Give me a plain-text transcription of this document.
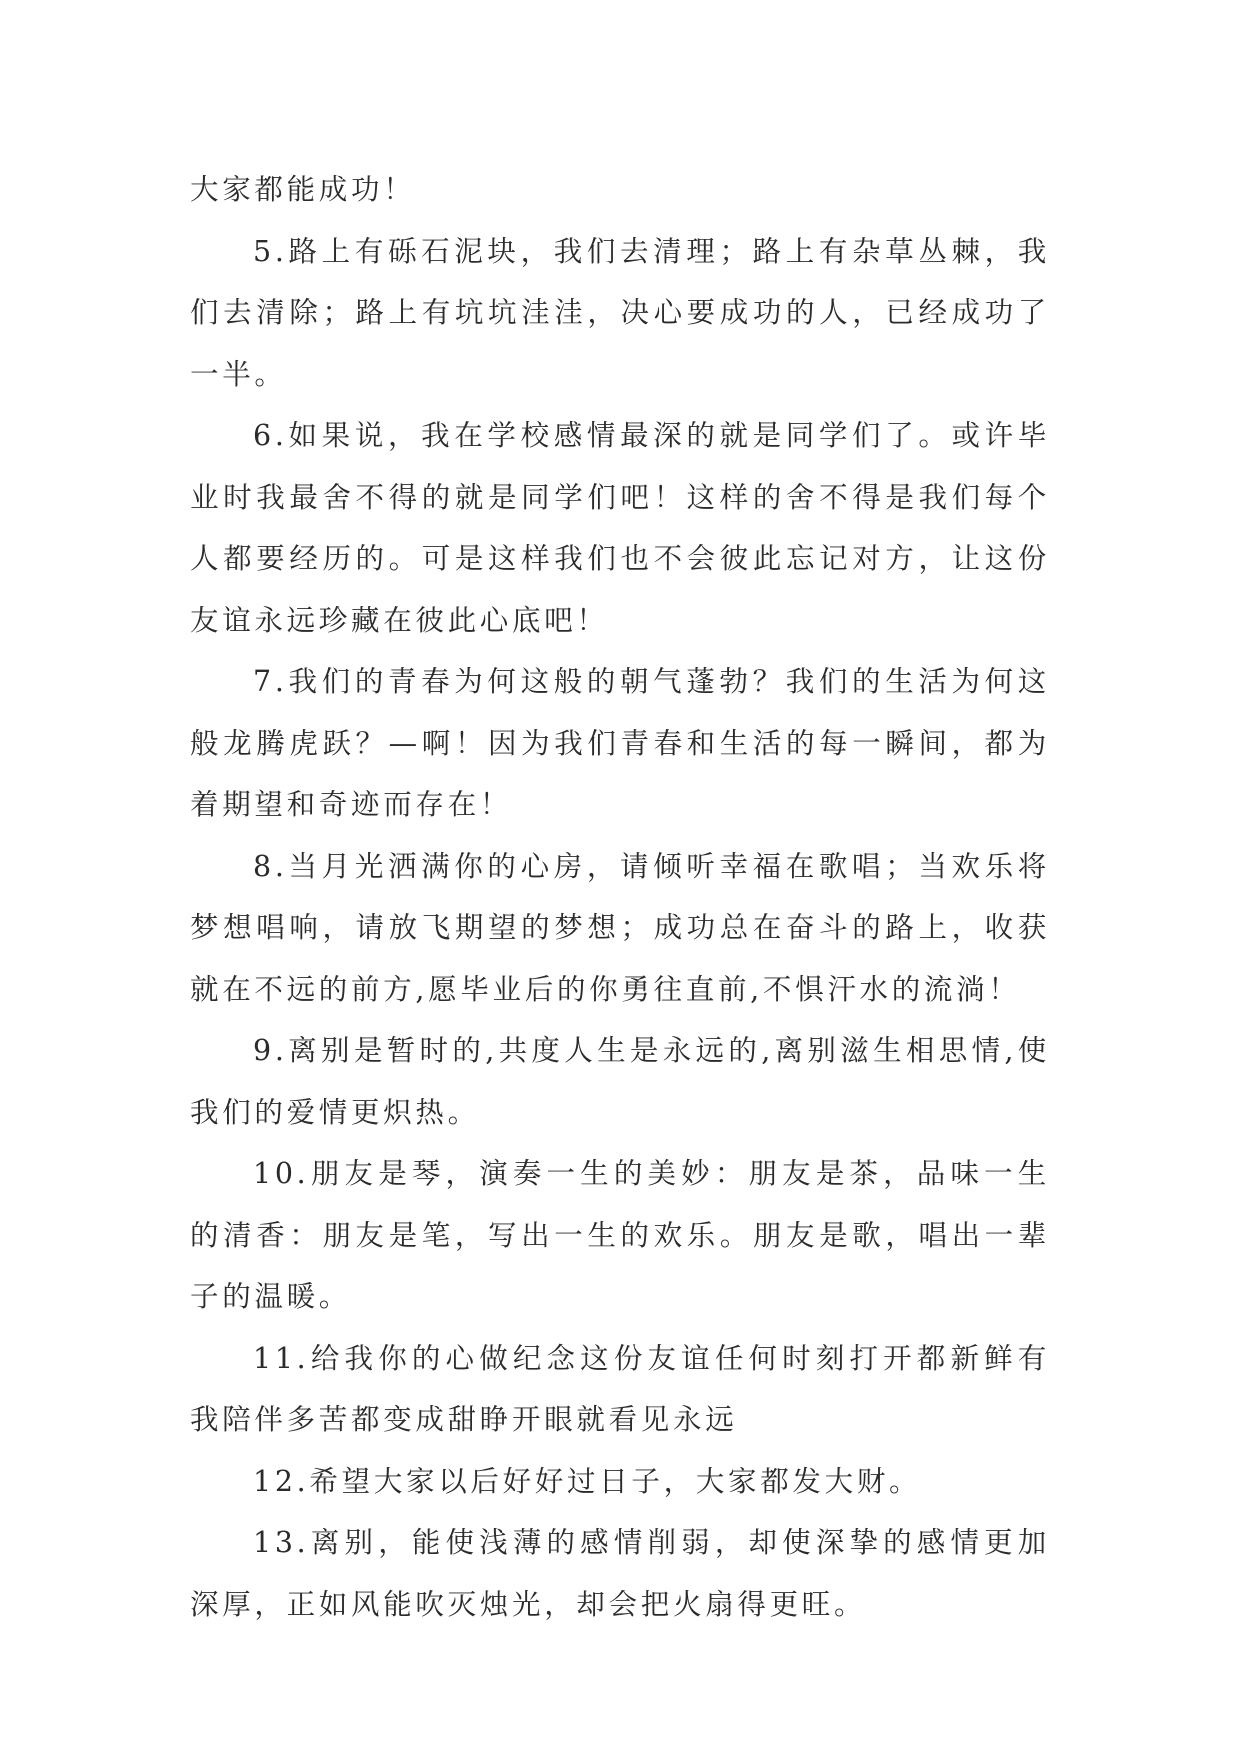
大家都能成功！

5.路上有砾石泥块，我们去清理；路上有杂草丛棘，我们去清除；路上有坑坑洼洼，决心要成功的人，已经成功了一半。

6.如果说，我在学校感情最深的就是同学们了。或许毕业时我最舍不得的就是同学们吧！这样的舍不得是我们每个人都要经历的。可是这样我们也不会彼此忘记对方，让这份友谊永远珍藏在彼此心底吧！

7.我们的青春为何这般的朝气蓬勃？我们的生活为何这般龙腾虎跃？—啊！因为我们青春和生活的每一瞬间，都为着期望和奇迹而存在！

8.当月光洒满你的心房，请倾听幸福在歌唱；当欢乐将梦想唱响，请放飞期望的梦想；成功总在奋斗的路上，收获就在不远的前方,愿毕业后的你勇往直前,不惧汗水的流淌！

9.离别是暂时的,共度人生是永远的,离别滋生相思情,使我们的爱情更炽热。

10.朋友是琴，演奏一生的美妙：朋友是茶，品味一生的清香：朋友是笔，写出一生的欢乐。朋友是歌，唱出一辈子的温暖。

11.给我你的心做纪念这份友谊任何时刻打开都新鲜有我陪伴多苦都变成甜睁开眼就看见永远

12.希望大家以后好好过日子，大家都发大财。

13.离别，能使浅薄的感情削弱，却使深挚的感情更加深厚，正如风能吹灭烛光，却会把火扇得更旺。
